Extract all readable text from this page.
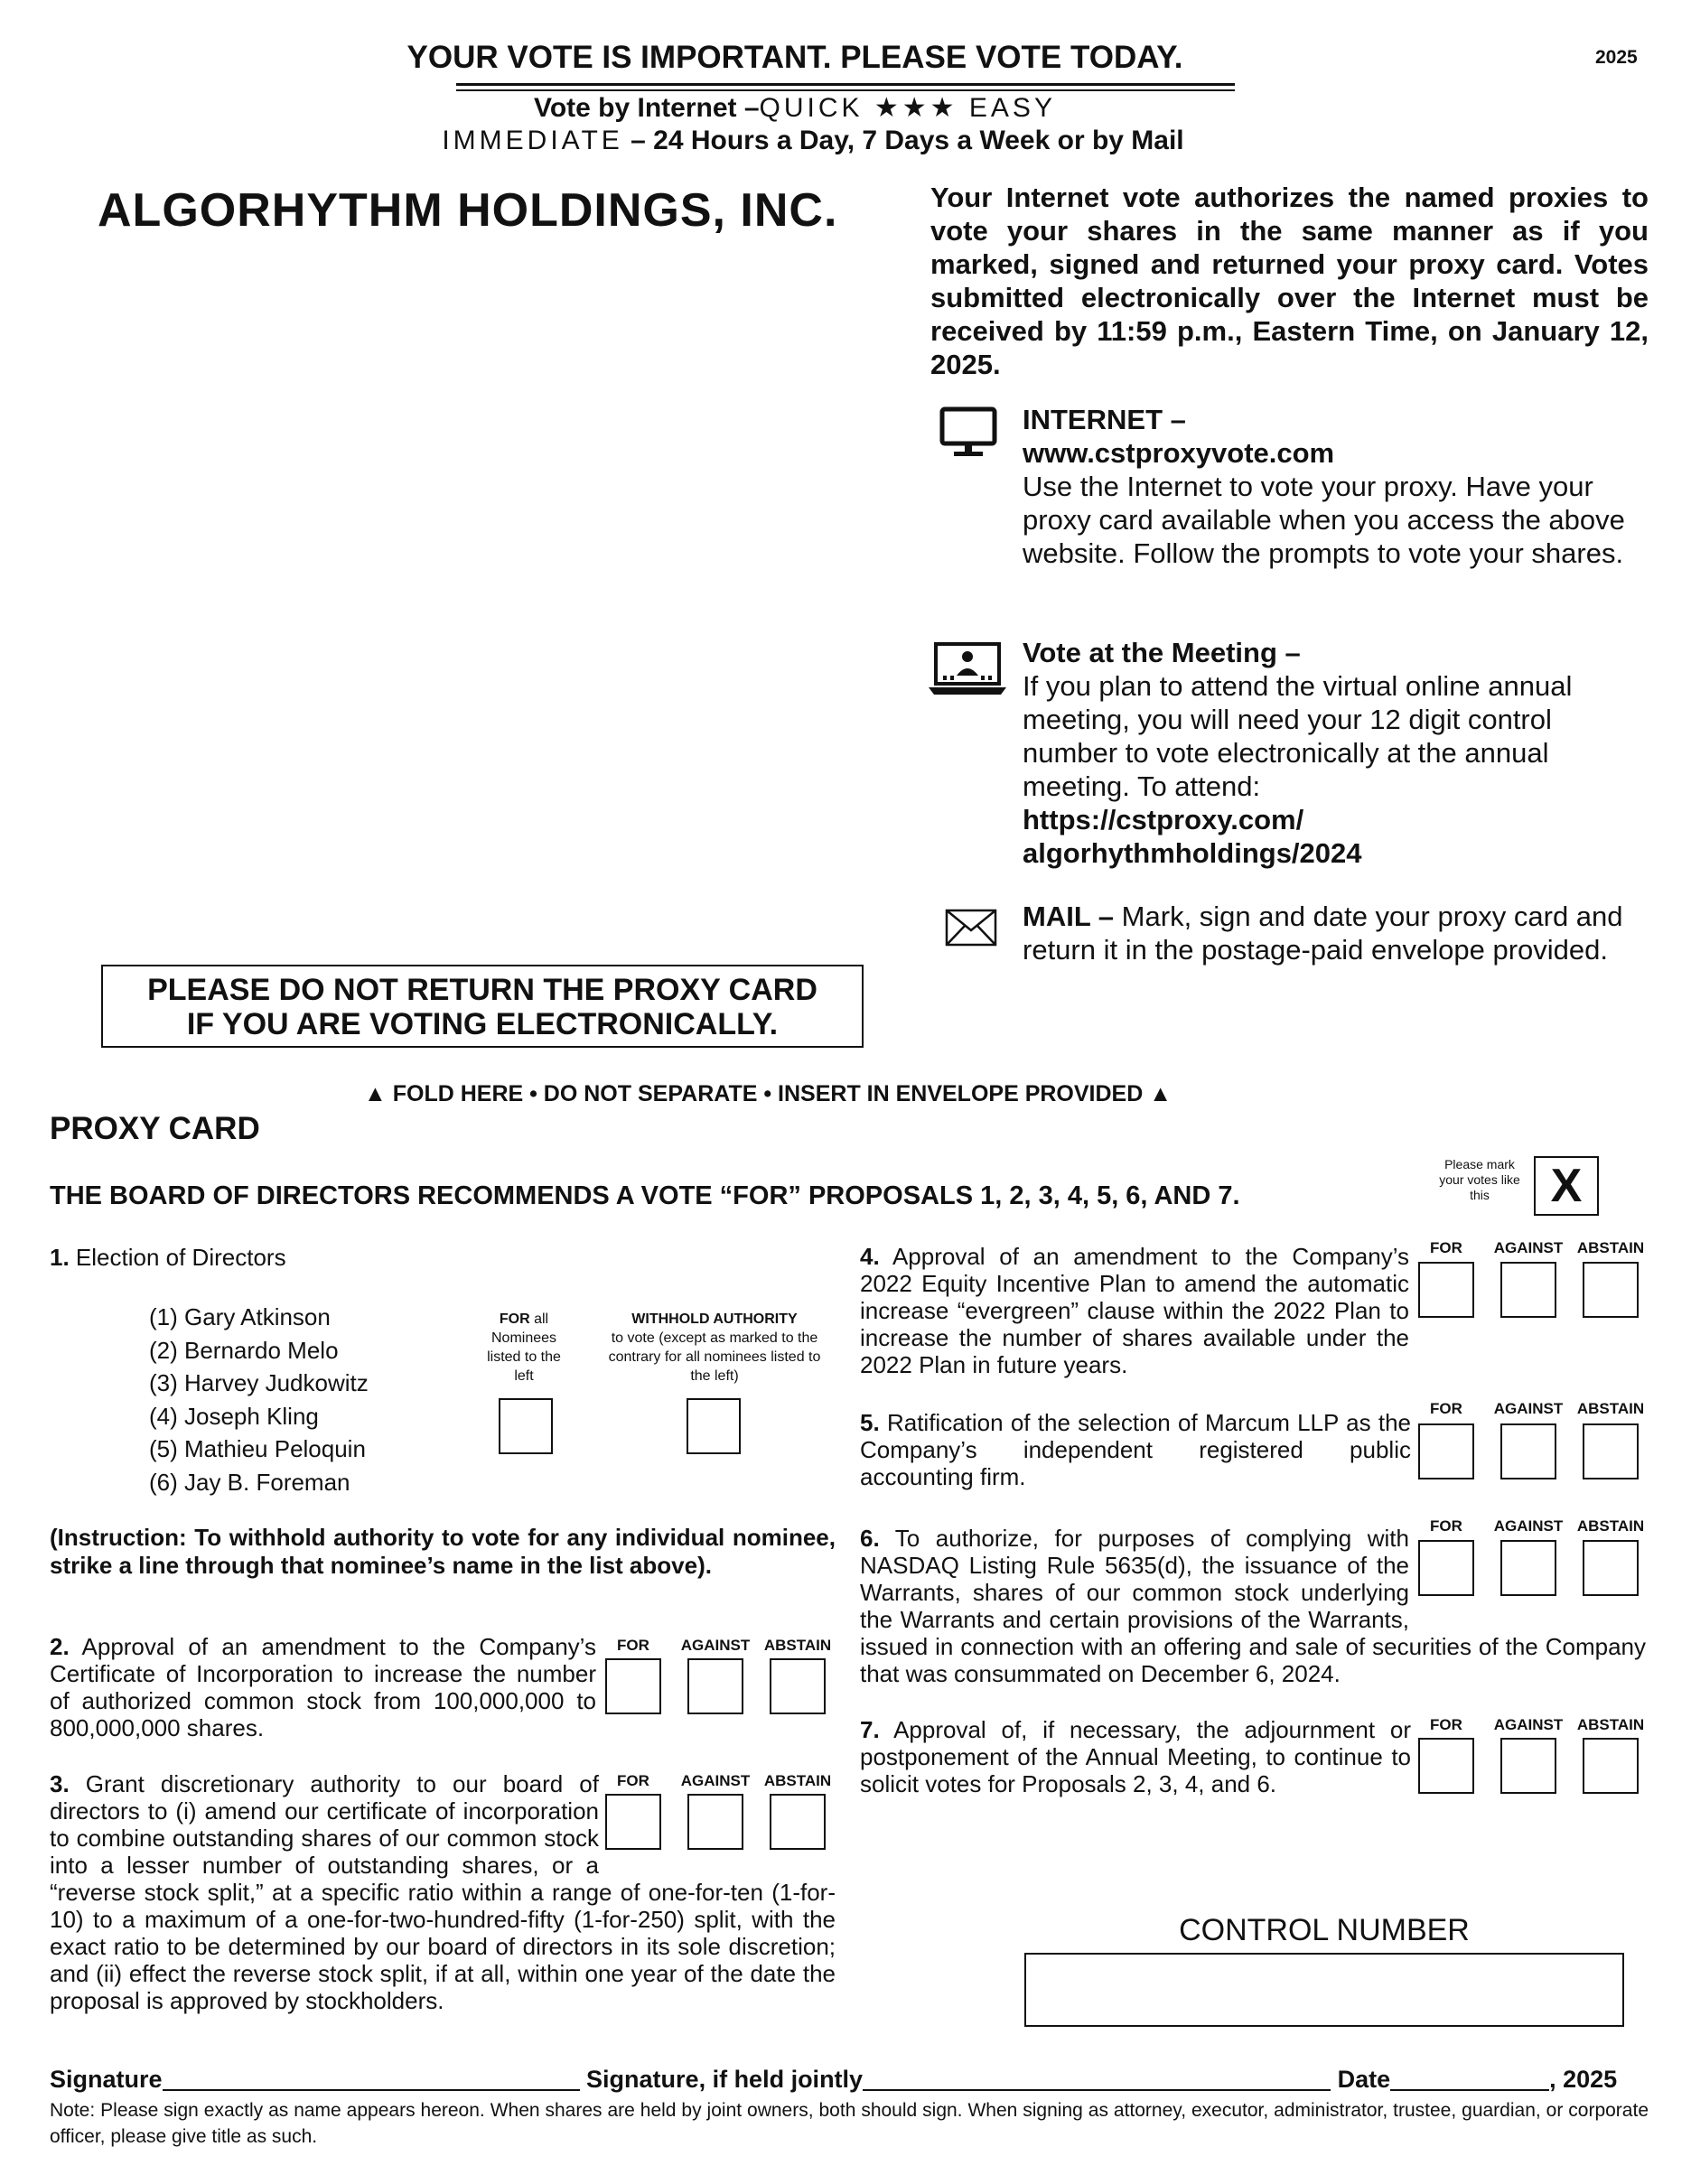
YOUR VOTE IS IMPORTANT. PLEASE VOTE TODAY.	2025
Vote by Internet –QUICK ★★★ EASY
IMMEDIATE – 24 Hours a Day, 7 Days a Week or by Mail
ALGORHYTHM HOLDINGS, INC.	Your Internet vote authorizes the named proxies to vote your shares in the same manner as if you marked, signed and returned your proxy card. Votes submitted electronically over the Internet must be received by 11:59 p.m., Eastern Time, on January 12, 2025.
INTERNET –
www.cstproxyvote.com
Use the Internet to vote your proxy. Have your proxy card available when you access the above website. Follow the prompts to vote your shares.
Vote at the Meeting –
If you plan to attend the virtual online annual meeting, you will need your 12 digit control number to vote electronically at the annual meeting. To attend:
https://cstproxy.com/
algorhythmholdings/2024
MAIL – Mark, sign and date your proxy card and return it in the postage-paid envelope provided.
PLEASE DO NOT RETURN THE PROXY CARD
IF YOU ARE VOTING ELECTRONICALLY.
▲ FOLD HERE • DO NOT SEPARATE • INSERT IN ENVELOPE PROVIDED ▲
PROXY CARD
THE BOARD OF DIRECTORS RECOMMENDS A VOTE “FOR” PROPOSALS 1, 2, 3, 4, 5, 6, AND 7.
Please mark your votes like this	X
1. Election of Directors
(1) Gary Atkinson
(2) Bernardo Melo
(3) Harvey Judkowitz
(4) Joseph Kling
(5) Mathieu Peloquin
(6) Jay B. Foreman
FOR all Nominees listed to the left
WITHHOLD AUTHORITY
to vote (except as marked to the contrary for all nominees listed to the left)
(Instruction: To withhold authority to vote for any individual nominee, strike a line through that nominee’s name in the list above).
2. Approval of an amendment to the Company’s Certificate of Incorporation to increase the number of authorized common stock from 100,000,000 to 800,000,000 shares.
FOR	AGAINST ABSTAIN
3. Grant discretionary authority to our board of directors to (i) amend our certificate of incorporation to combine outstanding shares of our common stock into a lesser number of outstanding shares, or a “reverse stock split,” at a specific ratio within a range of one-for-ten (1-for-10) to a maximum of a one-for-two-hundred-fifty (1-for-250) split, with the exact ratio to be determined by our board of directors in its sole discretion; and (ii) effect the reverse stock split, if at all, within one year of the date the proposal is approved by stockholders.
FOR	AGAINST ABSTAIN
4. Approval of an amendment to the Company’s 2022 Equity Incentive Plan to amend the automatic increase “evergreen” clause within the 2022 Plan to increase the number of shares available under the 2022 Plan in future years.
FOR	AGAINST ABSTAIN
5. Ratification of the selection of Marcum LLP as the Company’s independent registered public accounting firm.
FOR	AGAINST ABSTAIN
6. To authorize, for purposes of complying with NASDAQ Listing Rule 5635(d), the issuance of the Warrants, shares of our common stock underlying the Warrants and certain provisions of the Warrants, issued in connection with an offering and sale of securities of the Company that was consummated on December 6, 2024.
FOR	AGAINST ABSTAIN
7. Approval of, if necessary, the adjournment or postponement of the Annual Meeting, to continue to solicit votes for Proposals 2, 3, 4, and 6.
FOR	AGAINST ABSTAIN
CONTROL NUMBER
Signature	Signature, if held jointly	Date	, 2025
Note: Please sign exactly as name appears hereon. When shares are held by joint owners, both should sign. When signing as attorney, executor, administrator, trustee, guardian, or corporate officer, please give title as such.
